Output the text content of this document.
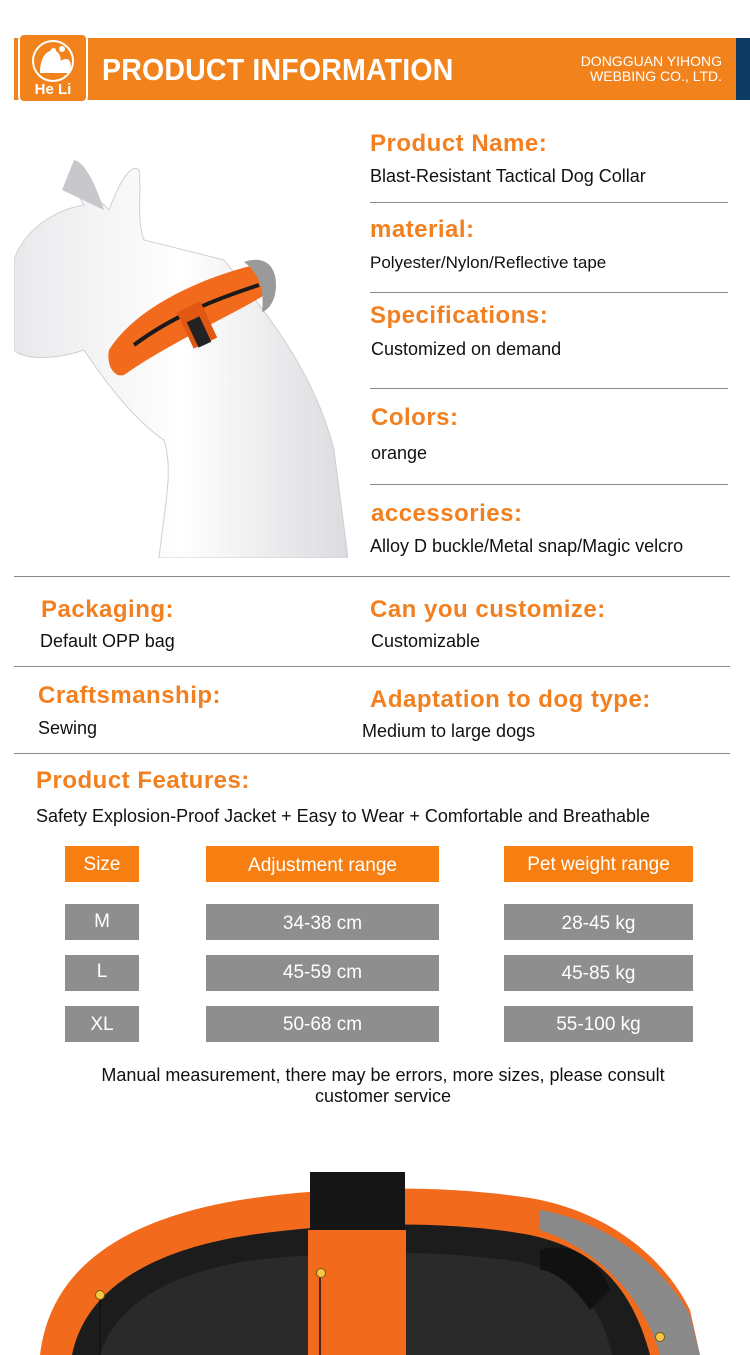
He Li
PRODUCT INFORMATION	DONGGUAN YIHONG
WEBBING CO., LTD.
Product Name:
Blast-Resistant Tactical Dog Collar
material:
Polyester/Nylon/Reflective tape
Specifications:
Customized on demand
Colors:
orange
accessories:
Alloy D buckle/Metal snap/Magic velcro
Packaging:
Default OPP bag
Can you customize:
Customizable
Craftsmanship:
Sewing
Adaptation to dog type:
Medium to large dogs
Product Features:
Safety Explosion-Proof Jacket + Easy to Wear + Comfortable and Breathable
Size	Adjustment range	Pet weight range
M	34-38 cm	28-45 kg
L	45-59 cm	45-85 kg
XL	50-68 cm	55-100 kg
Manual measurement, there may be errors, more sizes, please consult
customer service
